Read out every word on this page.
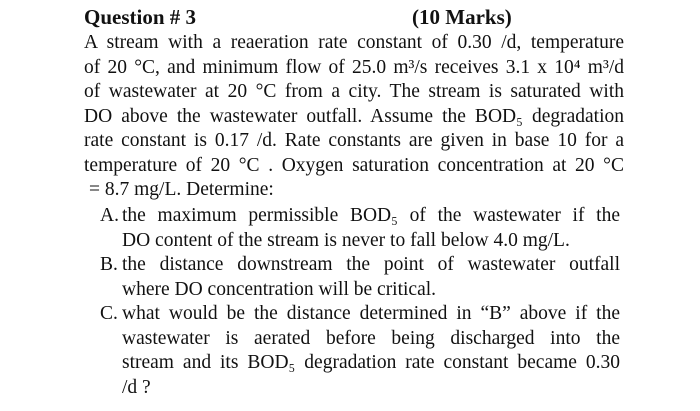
Question # 3	(10 Marks)
A stream with a reaeration rate constant of 0.30 /d, temperature
of 20 °C, and minimum flow of 25.0 m³/s receives 3.1 x 10⁴ m³/d
of wastewater at 20 °C from a city. The stream is saturated with
DO above the wastewater outfall. Assume the BOD₅ degradation
rate constant is 0.17 /d. Rate constants are given in base 10 for a
temperature of 20 °C . Oxygen saturation concentration at 20 °C
= 8.7 mg/L. Determine:
A. the maximum permissible BOD₅ of the wastewater if the
DO content of the stream is never to fall below 4.0 mg/L.
B. the distance downstream the point of wastewater outfall
where DO concentration will be critical.
C. what would be the distance determined in “B” above if the
wastewater is aerated before being discharged into the
stream and its BOD₅ degradation rate constant became 0.30
/d ?
